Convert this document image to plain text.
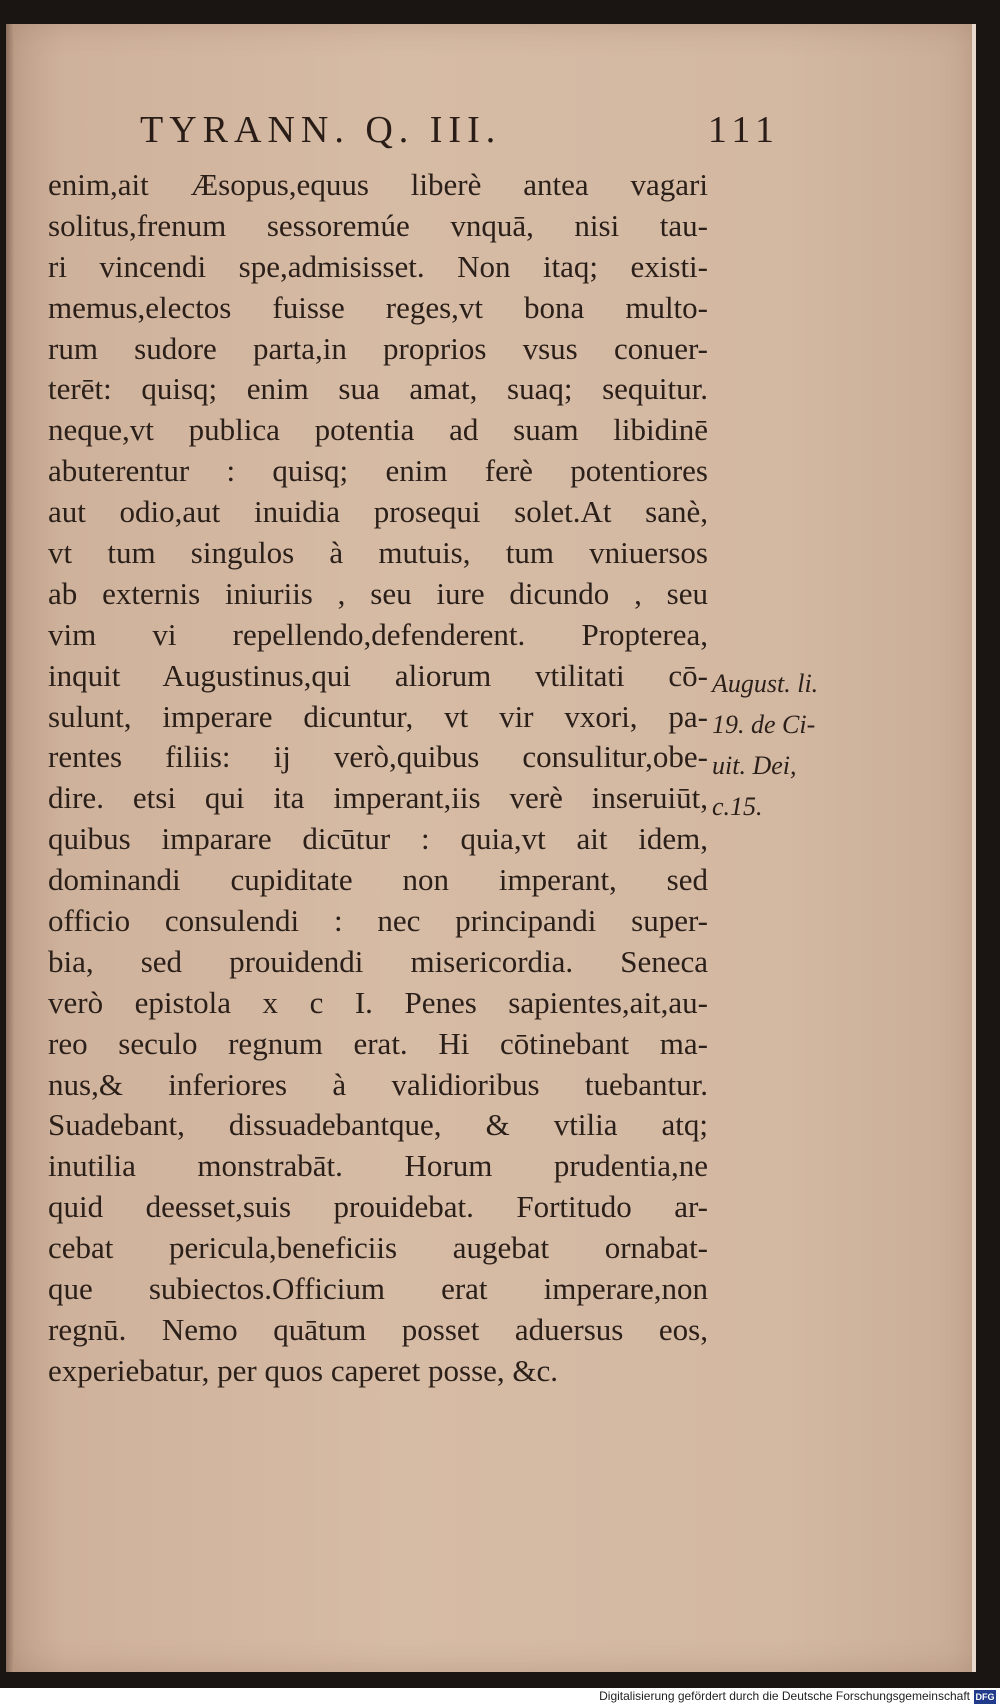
TYRANN. Q. III.	111
enim,ait Æsopus,equus liberè antea vagari
solitus,frenum sessoremúe vnquā, nisi tau-
ri vincendi spe,admisisset. Non itaq; existi-
memus,electos fuisse reges,vt bona multo-
rum sudore parta,in proprios vsus conuer-
terēt: quisq; enim sua amat, suaq; sequitur.
neque,vt publica potentia ad suam libidinē
abuterentur : quisq; enim ferè potentiores
aut odio,aut inuidia prosequi solet.At sanè,
vt tum singulos à mutuis, tum vniuersos
ab externis iniuriis , seu iure dicundo , seu
vim vi repellendo,defenderent. Propterea,
inquit Augustinus,qui aliorum vtilitati cō-
sulunt, imperare dicuntur, vt vir vxori, pa-
rentes filiis: ij verò,quibus consulitur,obe-
dire. etsi qui ita imperant,iis verè inseruiūt,
quibus imparare dicūtur : quia,vt ait idem,
dominandi cupiditate non imperant, sed
officio consulendi : nec principandi super-
bia, sed prouidendi misericordia. Seneca
verò epistola x c I. Penes sapientes,ait,au-
reo seculo regnum erat. Hi cōtinebant ma-
nus,& inferiores à validioribus tuebantur.
Suadebant, dissuadebantque, & vtilia atq;
inutilia monstrabāt. Horum prudentia,ne
quid deesset,suis prouidebat. Fortitudo ar-
cebat pericula,beneficiis augebat ornabat-
que subiectos.Officium erat imperare,non
regnū. Nemo quātum posset aduersus eos,
experiebatur, per quos caperet posse, &c.
August. li.
19. de Ci-
uit. Dei,
c.15.
Digitalisierung gefördert durch die Deutsche Forschungsgemeinschaft DFG
